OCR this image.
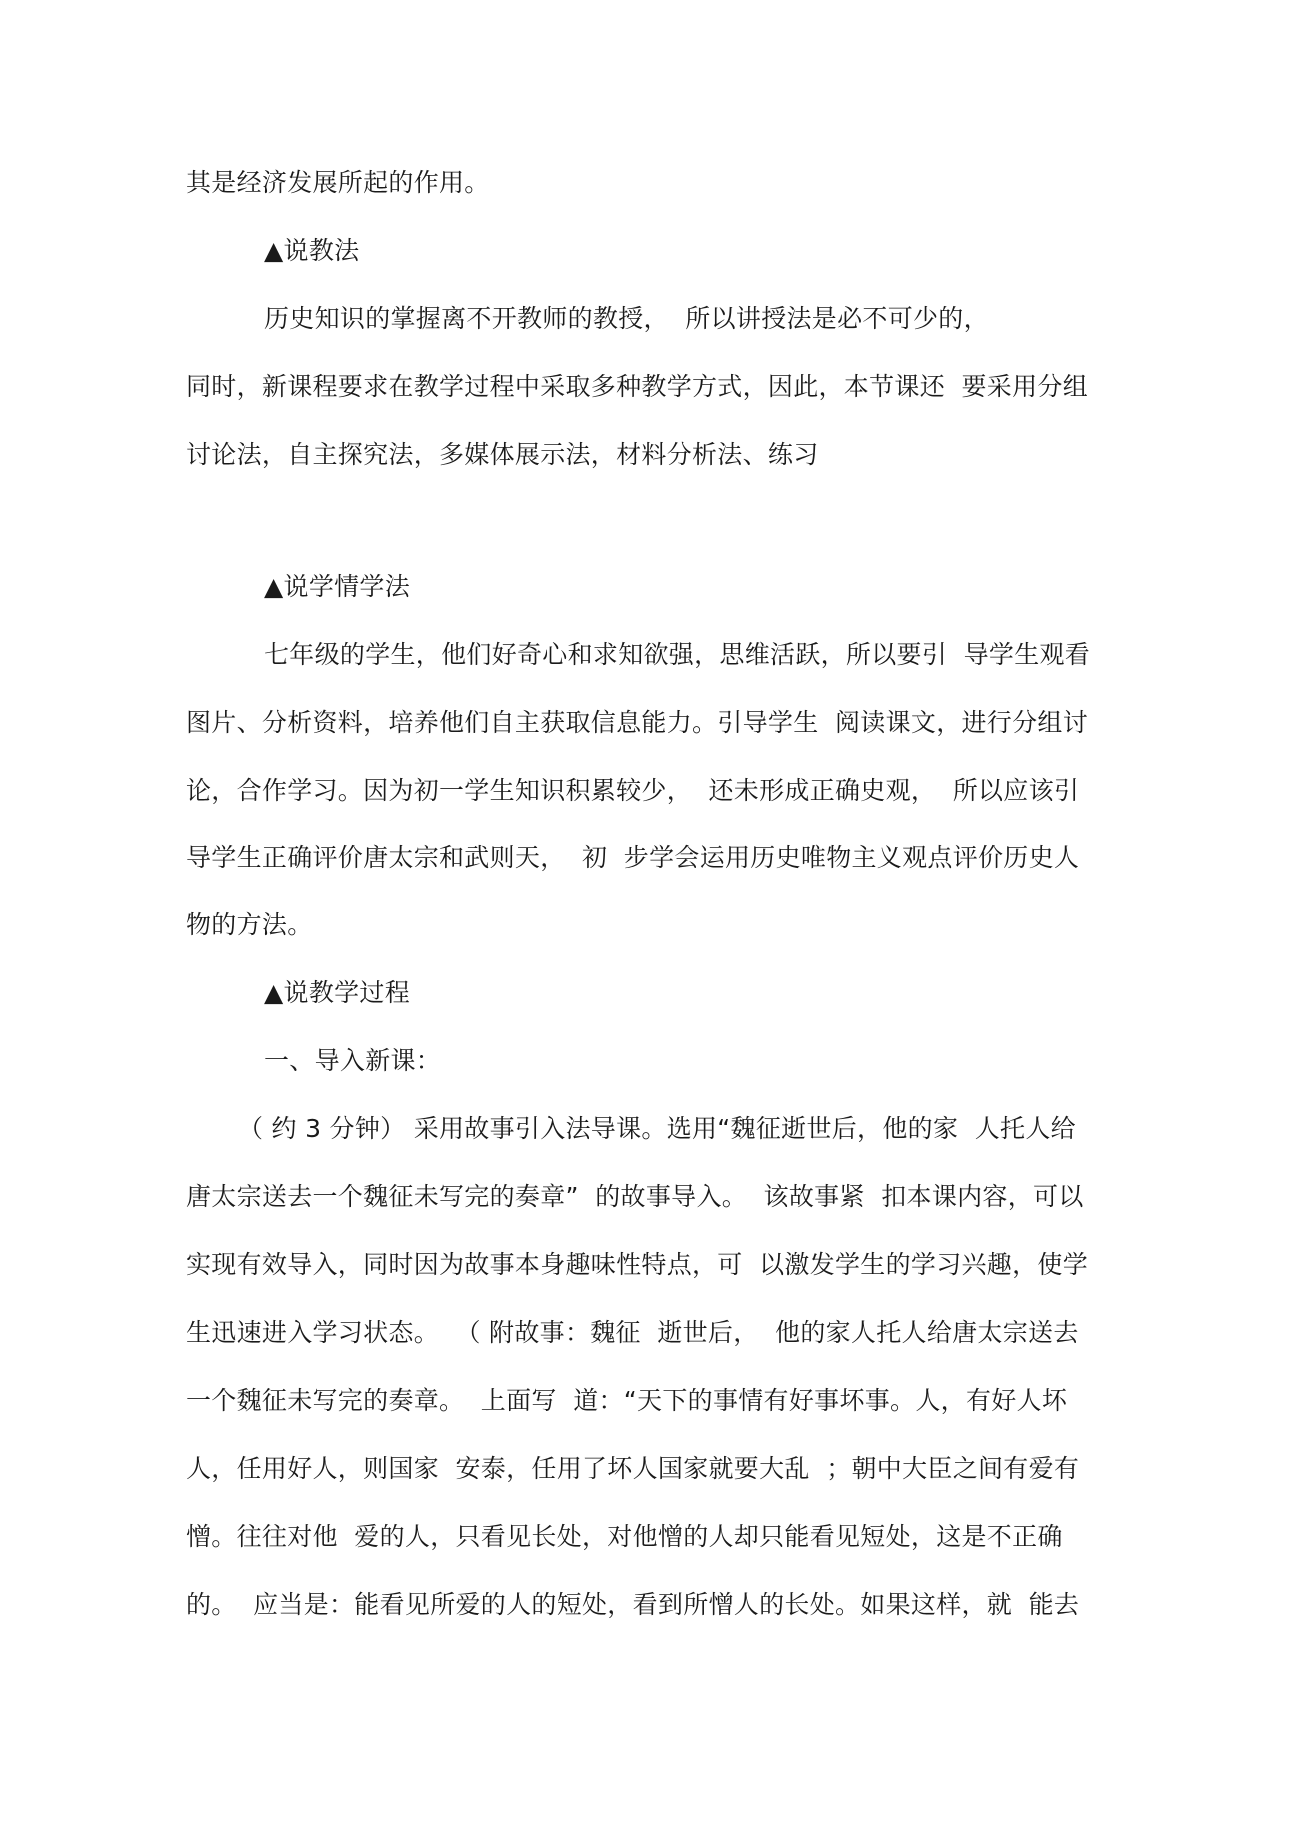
其是经济发展所起的作用。
▲说教法
历史知识的掌握离不开教师的教授，  所以讲授法是必不可少的，
同时，新课程要求在教学过程中采取多种教学方式，因此，本节课还  要采用分组
讨论法，自主探究法，多媒体展示法，材料分析法、练习
▲说学情学法
七年级的学生，他们好奇心和求知欲强，思维活跃，所以要引  导学生观看
图片、分析资料，培养他们自主获取信息能力。引导学生  阅读课文，进行分组讨
论，合作学习。因为初一学生知识积累较少，  还未形成正确史观，  所以应该引
导学生正确评价唐太宗和武则天，  初  步学会运用历史唯物主义观点评价历史人
物的方法。
▲说教学过程
一、导入新课：
（ 约 3 分钟） 采用故事引入法导课。选用“魏征逝世后，他的家  人托人给
唐太宗送去一个魏征未写完的奏章”  的故事导入。  该故事紧  扣本课内容，可以
实现有效导入，同时因为故事本身趣味性特点，可  以激发学生的学习兴趣，使学
生迅速进入学习状态。  （ 附故事：魏征  逝世后，  他的家人托人给唐太宗送去
一个魏征未写完的奏章。  上面写  道：“天下的事情有好事坏事。人，有好人坏
人，任用好人，则国家  安泰，任用了坏人国家就要大乱  ；朝中大臣之间有爱有
憎。往往对他  爱的人，只看见长处，对他憎的人却只能看见短处，这是不正确
的。  应当是：能看见所爱的人的短处，看到所憎人的长处。如果这样，就  能去
